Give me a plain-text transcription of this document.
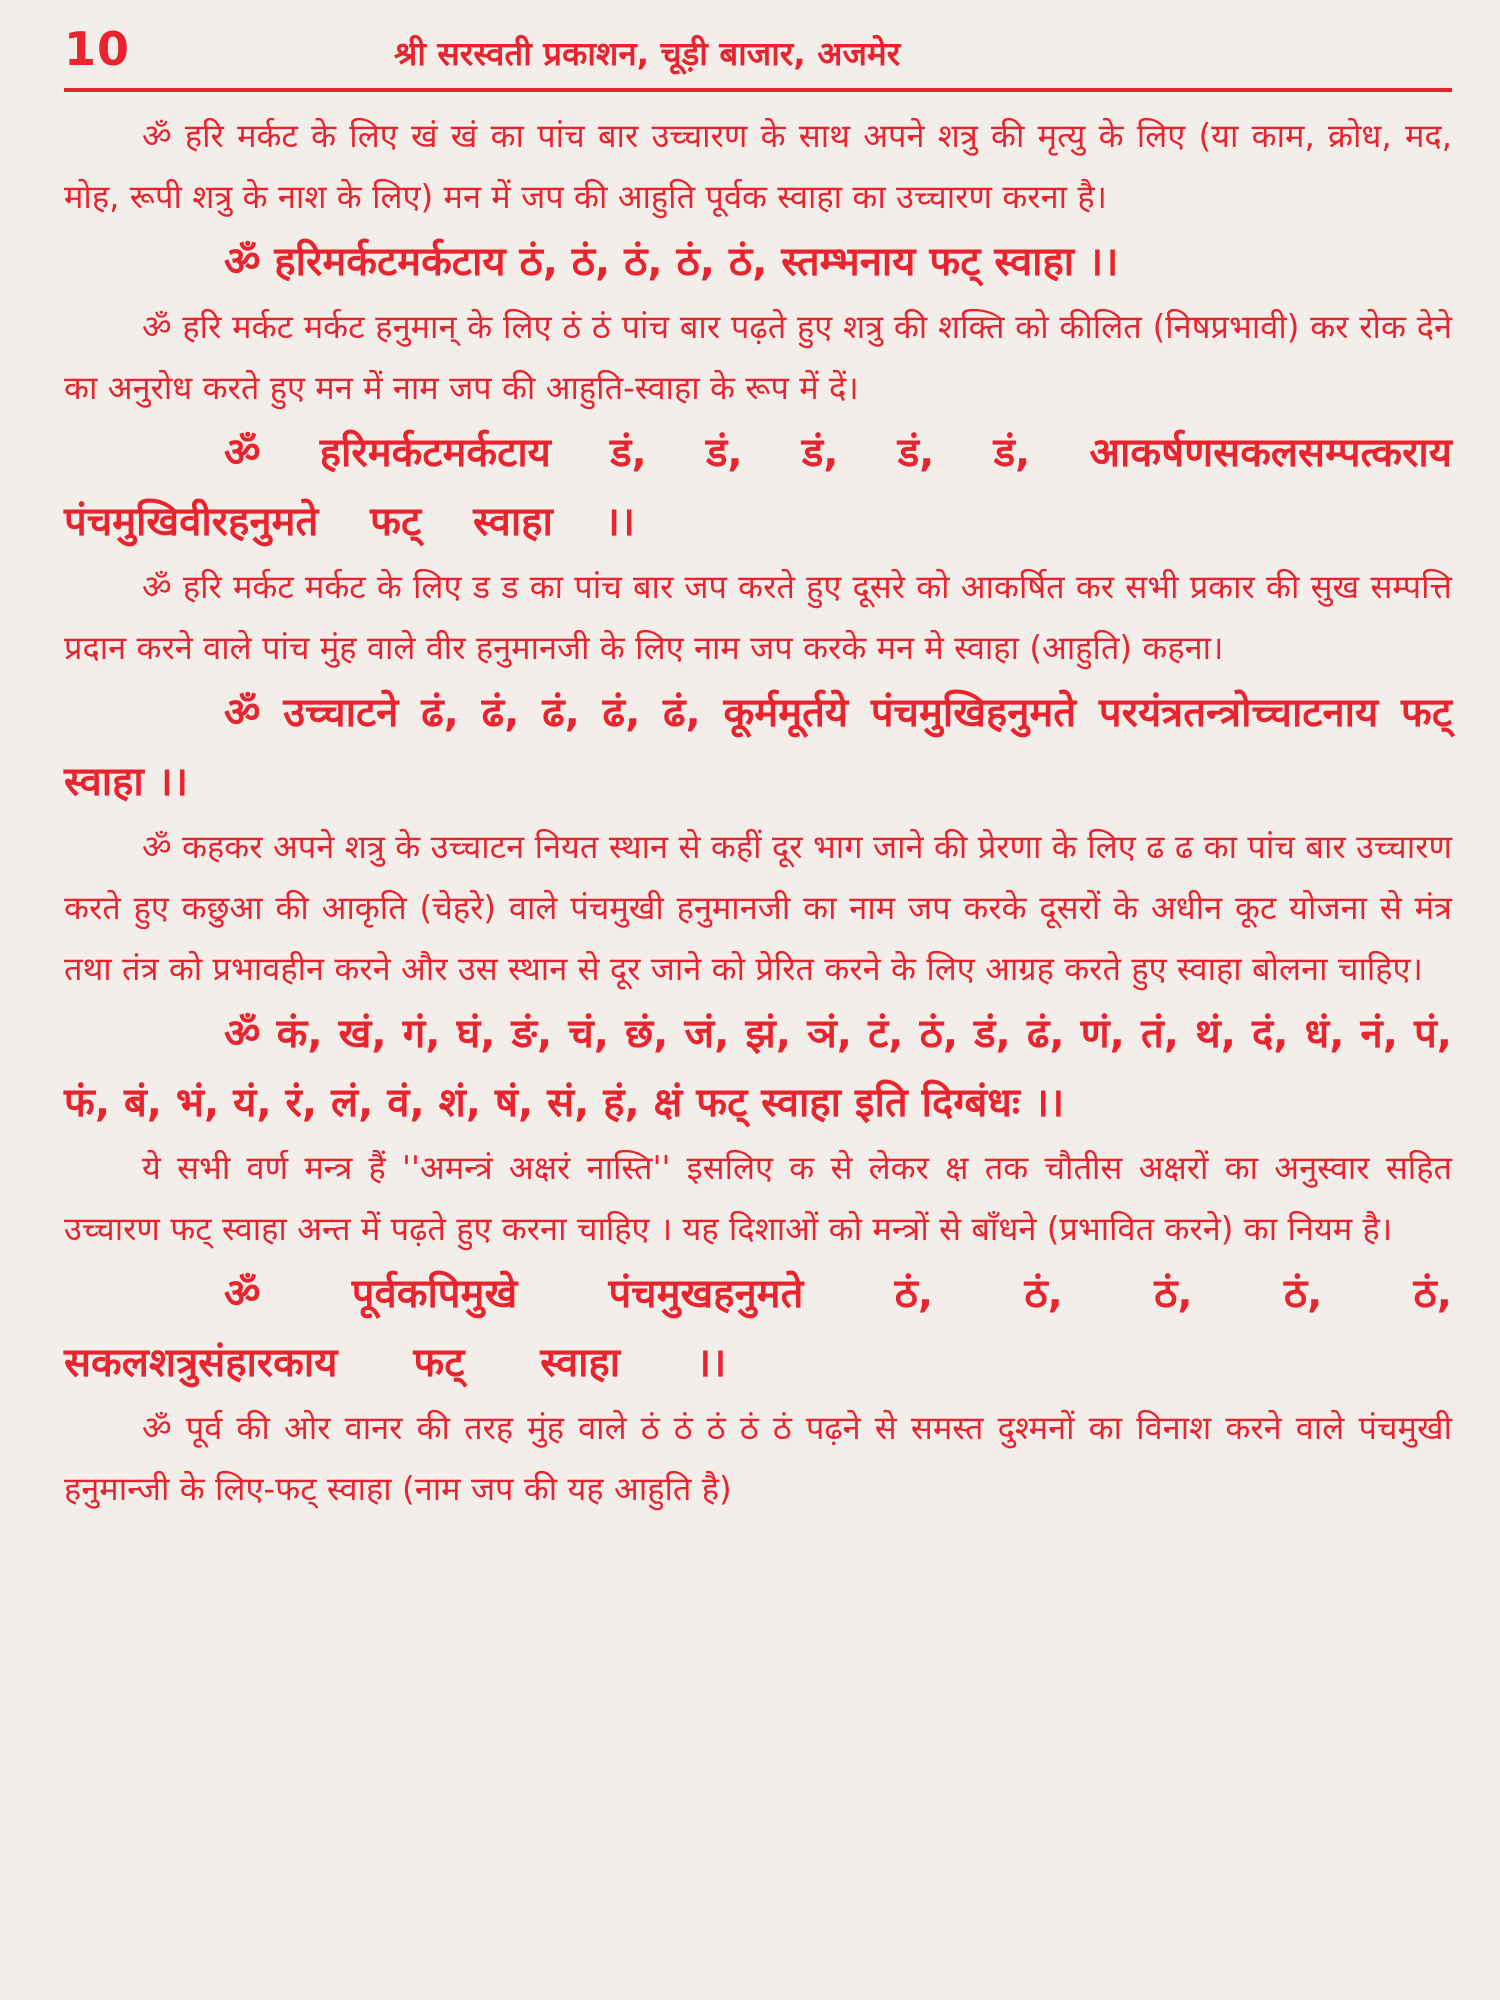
10	श्री सरस्वती प्रकाशन, चूड़ी बाजार, अजमेर

ॐ हरि मर्कट के लिए खं खं का पांच बार उच्चारण के साथ अपने शत्रु की मृत्यु के लिए (या काम, क्रोध, मद, मोह, रूपी शत्रु के नाश के लिए) मन में जप की आहुति पूर्वक स्वाहा का उच्चारण करना है।

ॐ हरिमर्कटमर्कटाय ठं, ठं, ठं, ठं, ठं, स्तम्भनाय फट् स्वाहा ।।

ॐ हरि मर्कट मर्कट हनुमान् के लिए ठं ठं पांच बार पढ़ते हुए शत्रु की शक्ति को कीलित (निषप्रभावी) कर रोक देने का अनुरोध करते हुए मन में नाम जप की आहुति-स्वाहा के रूप में दें।

ॐ हरिमर्कटमर्कटाय डं, डं, डं, डं, डं, आकर्षणसकलसम्पत्कराय पंचमुखिवीरहनुमते फट् स्वाहा ।।

ॐ हरि मर्कट मर्कट के लिए ड ड का पांच बार जप करते हुए दूसरे को आकर्षित कर सभी प्रकार की सुख सम्पत्ति प्रदान करने वाले पांच मुंह वाले वीर हनुमानजी के लिए नाम जप करके मन मे स्वाहा (आहुति) कहना।

ॐ उच्चाटने ढं, ढं, ढं, ढं, ढं, कूर्ममूर्तये पंचमुखिहनुमते परयंत्रतन्त्रोच्चाटनाय फट् स्वाहा ।।

ॐ कहकर अपने शत्रु के उच्चाटन नियत स्थान से कहीं दूर भाग जाने की प्रेरणा के लिए ढ ढ का पांच बार उच्चारण करते हुए कछुआ की आकृति (चेहरे) वाले पंचमुखी हनुमानजी का नाम जप करके दूसरों के अधीन कूट योजना से मंत्र तथा तंत्र को प्रभावहीन करने और उस स्थान से दूर जाने को प्रेरित करने के लिए आग्रह करते हुए स्वाहा बोलना चाहिए।

ॐ कं, खं, गं, घं, ङं, चं, छं, जं, झं, ञं, टं, ठं, डं, ढं, णं, तं, थं, दं, धं, नं, पं, फं, बं, भं, यं, रं, लं, वं, शं, षं, सं, हं, क्षं फट् स्वाहा इति दिग्बंधः ।।

ये सभी वर्ण मन्त्र हैं ''अमन्त्रं अक्षरं नास्ति'' इसलिए क से लेकर क्ष तक चौतीस अक्षरों का अनुस्वार सहित उच्चारण फट् स्वाहा अन्त में पढ़ते हुए करना चाहिए । यह दिशाओं को मन्त्रों से बाँधने (प्रभावित करने) का नियम है।

ॐ पूर्वकपिमुखे पंचमुखहनुमते ठं, ठं, ठं, ठं, ठं, सकलशत्रुसंहारकाय फट् स्वाहा ।।

ॐ पूर्व की ओर वानर की तरह मुंह वाले ठं ठं ठं ठं ठं पढ़ने से समस्त दुश्मनों का विनाश करने वाले पंचमुखी हनुमान्जी के लिए-फट् स्वाहा (नाम जप की यह आहुति है)
